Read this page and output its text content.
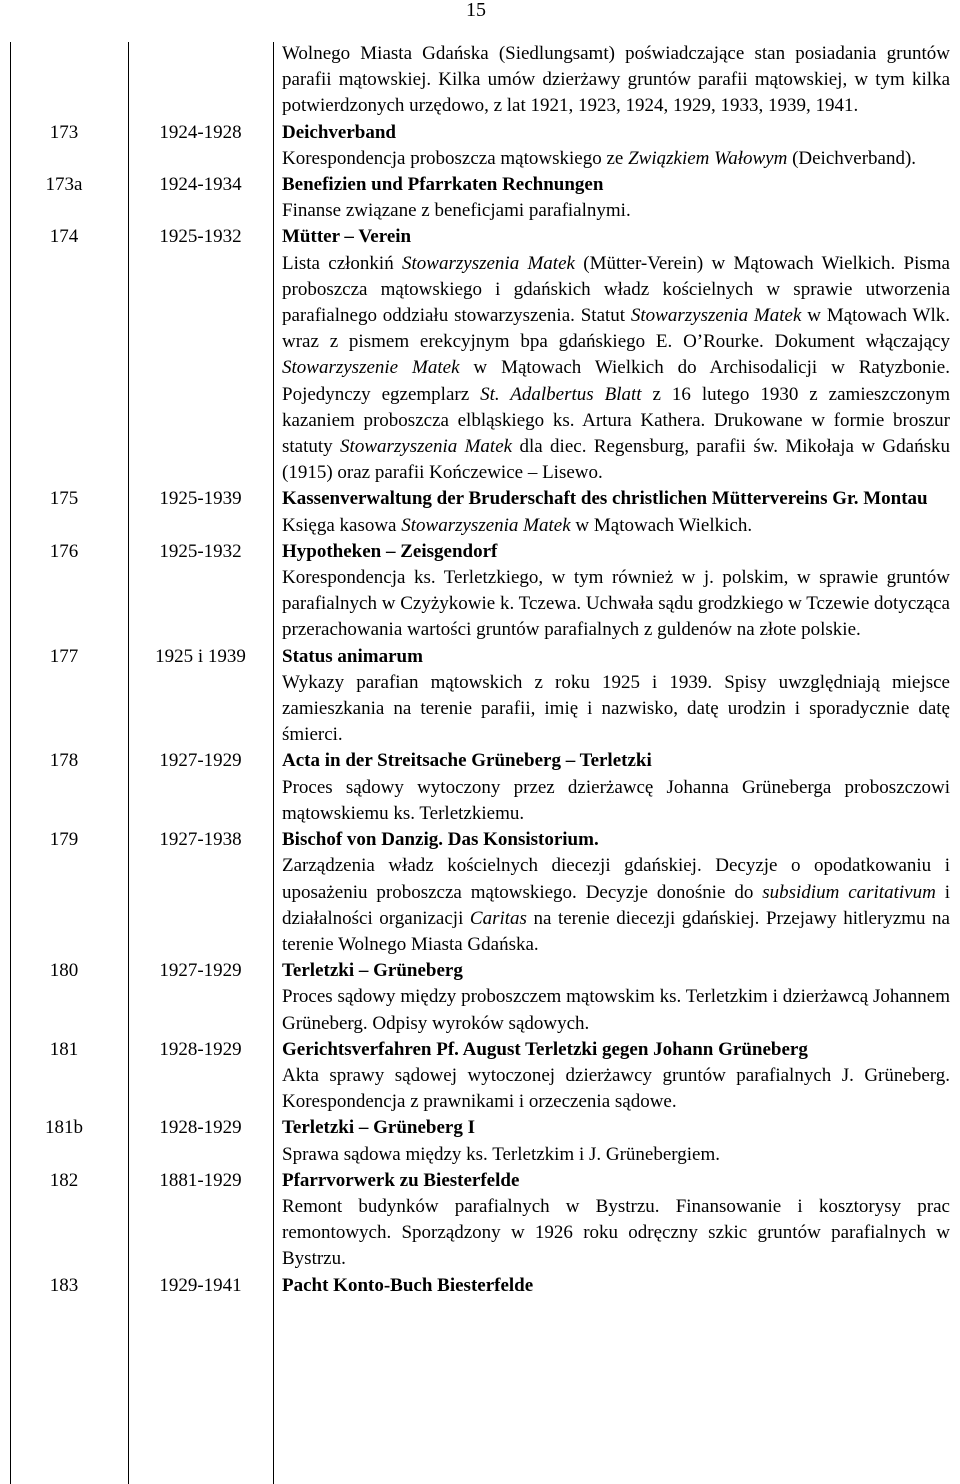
15
Wolnego Miasta Gdańska (Siedlungsamt) poświadczające stan posiadania gruntów parafii mątowskiej. Kilka umów dzierżawy gruntów parafii mątowskiej, w tym kilka potwierdzonych urzędowo, z lat 1921, 1923, 1924, 1929, 1933, 1939, 1941.
173	1924-1928	Deichverband
Korespondencja proboszcza mątowskiego ze Związkiem Wałowym (Deichverband).
173a	1924-1934	Benefizien und Pfarrkaten Rechnungen
Finanse związane z beneficjami parafialnymi.
174	1925-1932	Mütter – Verein
Lista członkiń Stowarzyszenia Matek (Mütter-Verein) w Mątowach Wielkich. Pisma proboszcza mątowskiego i gdańskich władz kościelnych w sprawie utworzenia parafialnego oddziału stowarzyszenia. Statut Stowarzyszenia Matek w Mątowach Wlk. wraz z pismem erekcyjnym bpa gdańskiego E. O’Rourke. Dokument włączający Stowarzyszenie Matek w Mątowach Wielkich do Archisodalicji w Ratyzbonie. Pojedynczy egzemplarz St. Adalbertus Blatt z 16 lutego 1930 z zamieszczonym kazaniem proboszcza elbląskiego ks. Artura Kathera. Drukowane w formie broszur statuty Stowarzyszenia Matek dla diec. Regensburg, parafii św. Mikołaja w Gdańsku (1915) oraz parafii Kończewice – Lisewo.
175	1925-1939	Kassenverwaltung der Bruderschaft des christlichen Müttervereins Gr. Montau
Księga kasowa Stowarzyszenia Matek w Mątowach Wielkich.
176	1925-1932	Hypotheken – Zeisgendorf
Korespondencja ks. Terletzkiego, w tym również w j. polskim, w sprawie gruntów parafialnych w Czyżykowie k. Tczewa. Uchwała sądu grodzkiego w Tczewie dotycząca przerachowania wartości gruntów parafialnych z guldenów na złote polskie.
177	1925 i 1939	Status animarum
Wykazy parafian mątowskich z roku 1925 i 1939. Spisy uwzględniają miejsce zamieszkania na terenie parafii, imię i nazwisko, datę urodzin i sporadycznie datę śmierci.
178	1927-1929	Acta in der Streitsache Grüneberg – Terletzki
Proces sądowy wytoczony przez dzierżawcę Johanna Grüneberga proboszczowi mątowskiemu ks. Terletzkiemu.
179	1927-1938	Bischof von Danzig. Das Konsistorium.
Zarządzenia władz kościelnych diecezji gdańskiej. Decyzje o opodatkowaniu i uposażeniu proboszcza mątowskiego. Decyzje donośnie do subsidium caritativum i działalności organizacji Caritas na terenie diecezji gdańskiej. Przejawy hitleryzmu na terenie Wolnego Miasta Gdańska.
180	1927-1929	Terletzki – Grüneberg
Proces sądowy między proboszczem mątowskim ks. Terletzkim i dzierżawcą Johannem Grüneberg. Odpisy wyroków sądowych.
181	1928-1929	Gerichtsverfahren Pf. August Terletzki gegen Johann Grüneberg
Akta sprawy sądowej wytoczonej dzierżawcy gruntów parafialnych J. Grüneberg. Korespondencja z prawnikami i orzeczenia sądowe.
181b	1928-1929	Terletzki – Grüneberg I
Sprawa sądowa między ks. Terletzkim i J. Grünebergiem.
182	1881-1929	Pfarrvorwerk zu Biesterfelde
Remont budynków parafialnych w Bystrzu. Finansowanie i kosztorysy prac remontowych. Sporządzony w 1926 roku odręczny szkic gruntów parafialnych w Bystrzu.
183	1929-1941	Pacht Konto-Buch Biesterfelde
